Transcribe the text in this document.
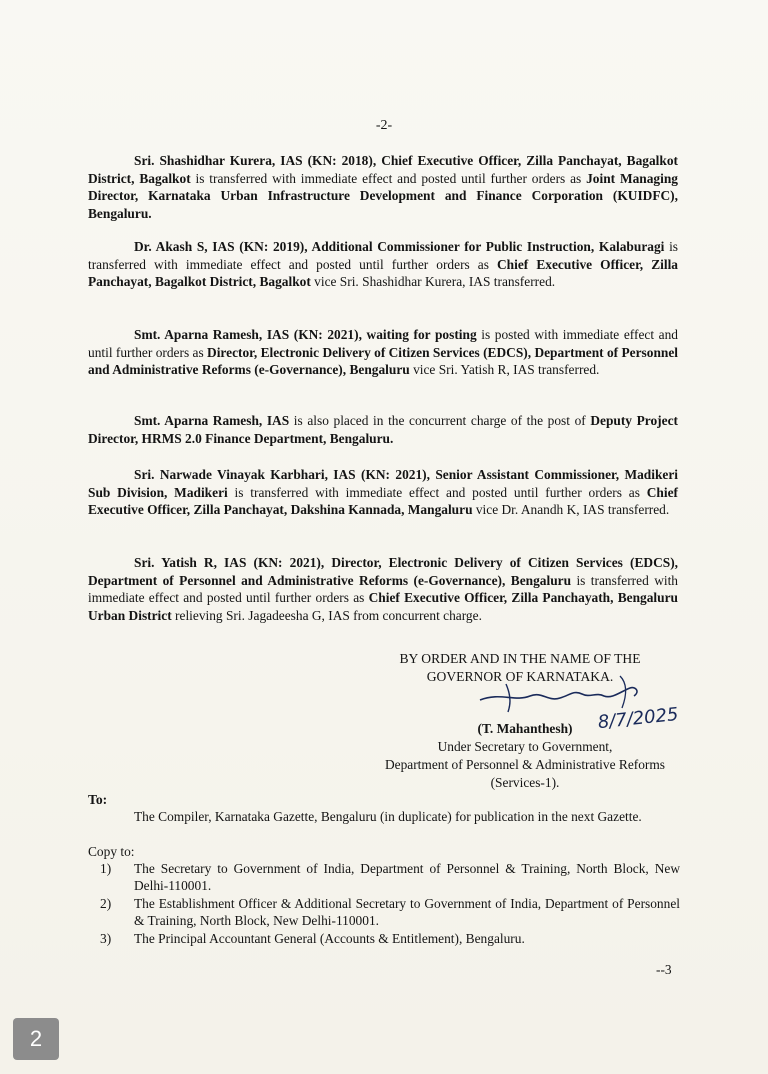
-2-
Sri. Shashidhar Kurera, IAS (KN: 2018), Chief Executive Officer, Zilla Panchayat, Bagalkot District, Bagalkot is transferred with immediate effect and posted until further orders as Joint Managing Director, Karnataka Urban Infrastructure Development and Finance Corporation (KUIDFC), Bengaluru.
Dr. Akash S, IAS (KN: 2019), Additional Commissioner for Public Instruction, Kalaburagi is transferred with immediate effect and posted until further orders as Chief Executive Officer, Zilla Panchayat, Bagalkot District, Bagalkot vice Sri. Shashidhar Kurera, IAS transferred.
Smt. Aparna Ramesh, IAS (KN: 2021), waiting for posting is posted with immediate effect and until further orders as Director, Electronic Delivery of Citizen Services (EDCS), Department of Personnel and Administrative Reforms (e-Governance), Bengaluru vice Sri. Yatish R, IAS transferred.
Smt. Aparna Ramesh, IAS is also placed in the concurrent charge of the post of Deputy Project Director, HRMS 2.0 Finance Department, Bengaluru.
Sri. Narwade Vinayak Karbhari, IAS (KN: 2021), Senior Assistant Commissioner, Madikeri Sub Division, Madikeri is transferred with immediate effect and posted until further orders as Chief Executive Officer, Zilla Panchayat, Dakshina Kannada, Mangaluru vice Dr. Anandh K, IAS transferred.
Sri. Yatish R, IAS (KN: 2021), Director, Electronic Delivery of Citizen Services (EDCS), Department of Personnel and Administrative Reforms (e-Governance), Bengaluru is transferred with immediate effect and posted until further orders as Chief Executive Officer, Zilla Panchayath, Bengaluru Urban District relieving Sri. Jagadeesha G, IAS from concurrent charge.
BY ORDER AND IN THE NAME OF THE
GOVERNOR OF KARNATAKA.
8/7/2025
(T. Mahanthesh)
Under Secretary to Government,
Department of Personnel & Administrative Reforms
(Services-1).
To:
The Compiler, Karnataka Gazette, Bengaluru (in duplicate) for publication in the next Gazette.
Copy to:
1)	The Secretary to Government of India, Department of Personnel & Training, North Block, New Delhi-110001.
2)	The Establishment Officer & Additional Secretary to Government of India, Department of Personnel & Training, North Block, New Delhi-110001.
3)	The Principal Accountant General (Accounts & Entitlement), Bengaluru.
--3
2
